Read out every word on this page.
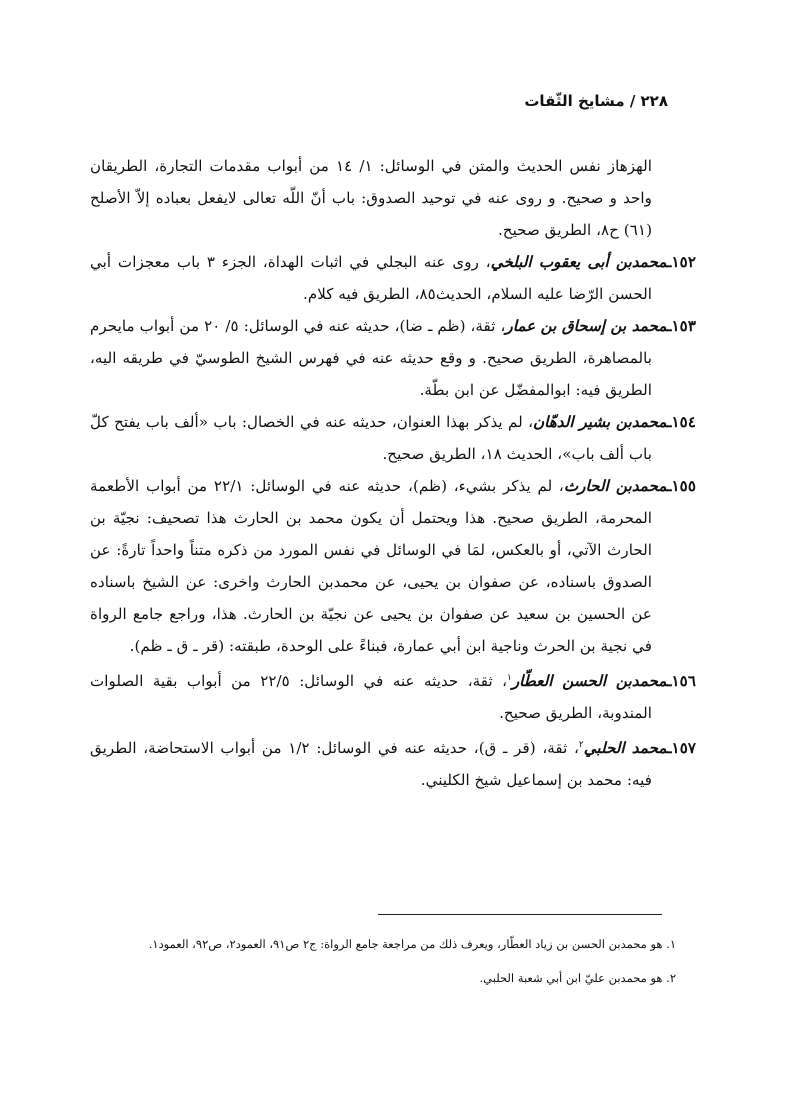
٢٢٨ / مشايخ الثّقات

الهزهاز نفس الحديث والمتن في الوسائل: ١/ ١٤ من أبواب مقدمات التجارة، الطريقان واحد و صحيح. و روى عنه في توحيد الصدوق: باب أنّ اللّه تعالى لايفعل بعباده إلاّ الأصلح (٦١) ح٨، الطريق صحيح.

١٥٢ـمحمدبن أبى يعقوب البلخي، روى عنه البجلي في اثبات الهداة، الجزء ٣ باب معجزات أبي الحسن الرّضا عليه السلام، الحديث٨٥، الطريق فيه كلام.

١٥٣ـمحمد بن إسحاق بن عمار، ثقة، (ظم ـ ضا)، حديثه عنه في الوسائل: ٥/ ٢٠ من أبواب مايحرم بالمصاهرة، الطريق صحيح. و وقع حديثه عنه في فهرس الشيخ الطوسيّ في طريقه اليه، الطريق فيه: ابوالمفضّل عن ابن بطّة.

١٥٤ـمحمدبن بشير الدهّان، لم يذكر بهذا العنوان، حديثه عنه في الخصال: باب «ألف باب يفتح كلّ باب ألف باب»، الحديث ١٨، الطريق صحيح.

١٥٥ـمحمدبن الحارث، لم يذكر بشيء، (ظم)، حديثه عنه في الوسائل: ٢٢/١ من أبواب الأطعمة المحرمة، الطريق صحيح. هذا ويحتمل أن يكون محمد بن الحارث هذا تصحيف: نجيّة بن الحارث الآتي، أو بالعكس، لمَا في الوسائل في نفس المورد من ذكره متناً واحداً تارةً: عن الصدوق باسناده، عن صفوان بن يحيى، عن محمدبن الحارث واخرى: عن الشيخ باسناده عن الحسين بن سعيد عن صفوان بن يحيى عن نجيّة بن الحارث. هذا، وراجع جامع الرواة في نجية بن الحرث وناجية ابن أبي عمارة، فبناءً على الوحدة، طبقته: (قر ـ ق ـ ظم).

١٥٦ـمحمدبن الحسن العطّار$^١$، ثقة، حديثه عنه في الوسائل: ٢٢/٥ من أبواب بقية الصلوات المندوبة، الطريق صحيح.

١٥٧ـمحمد الحلبي$^٢$، ثقة، (قر ـ ق)، حديثه عنه في الوسائل: ١/٢ من أبواب الاستحاضة، الطريق فيه: محمد بن إسماعيل شيخ الكليني.

١. هو محمدبن الحسن بن زياد العطّار، ويعرف ذلك من مراجعة جامع الرواة: ج٢ ص٩١، العمود٢، ص٩٢، العمود١.

٢. هو محمدبن عليّ ابن أبي شعبة الحلبي.
